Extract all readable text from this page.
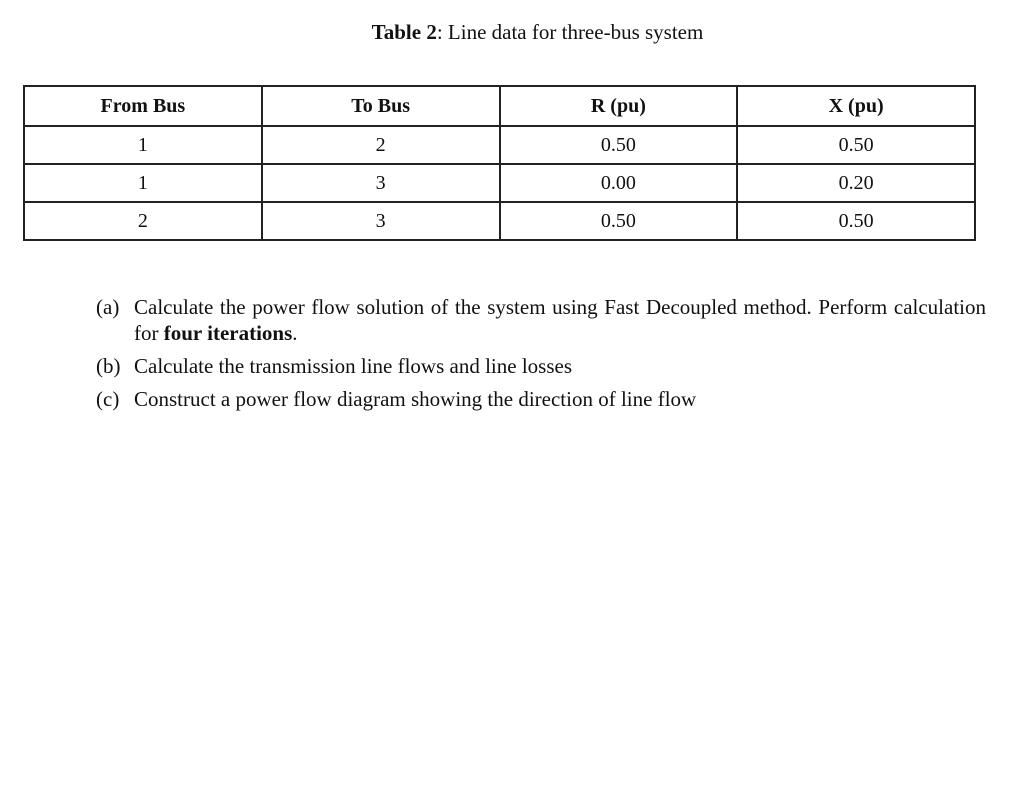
Table 2: Line data for three-bus system
From Bus	To Bus	R (pu)	X (pu)
1	2	0.50	0.50
1	3	0.00	0.20
2	3	0.50	0.50
(a) Calculate the power flow solution of the system using Fast Decoupled method. Perform calculation for four iterations.
(b) Calculate the transmission line flows and line losses
(c) Construct a power flow diagram showing the direction of line flow
